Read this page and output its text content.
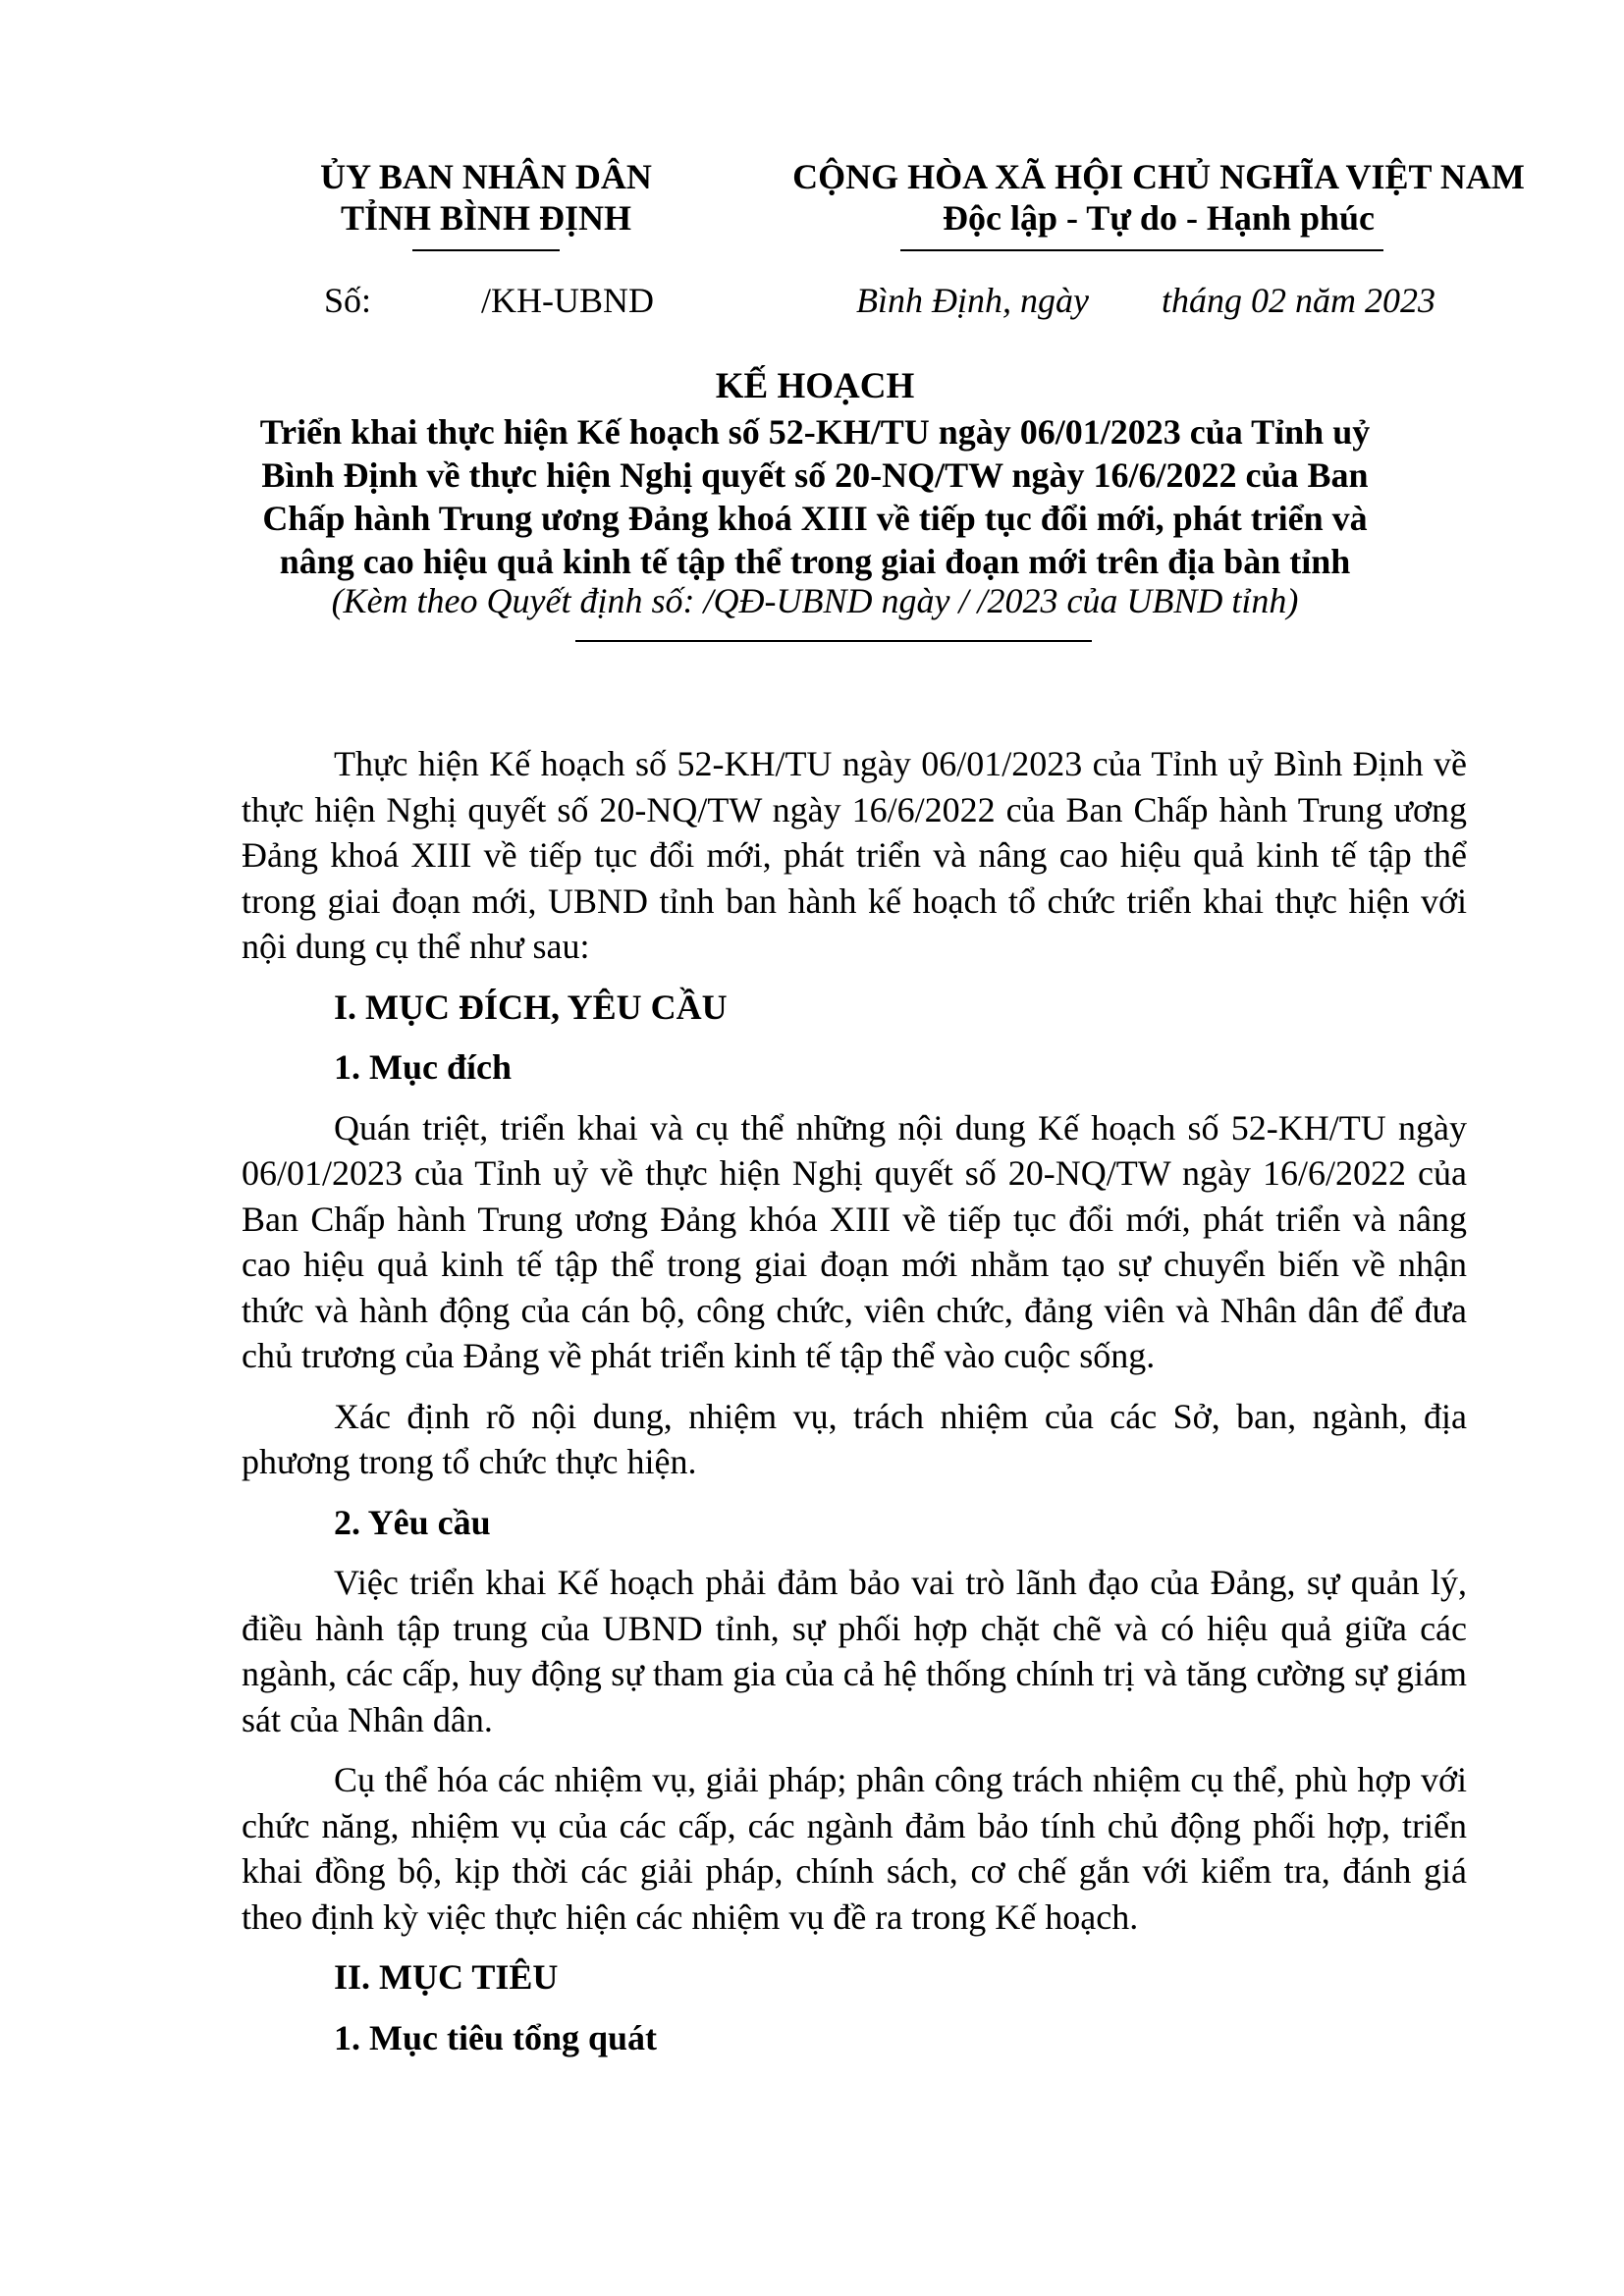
ỦY BAN NHÂN DÂN
TỈNH BÌNH ĐỊNH
CỘNG HÒA XÃ HỘI CHỦ NGHĨA VIỆT NAM
Độc lập - Tự do - Hạnh phúc
Số:	/KH-UBND	Bình Định, ngày tháng 02 năm 2023
KẾ HOẠCH
Triển khai thực hiện Kế hoạch số 52-KH/TU ngày 06/01/2023 của Tỉnh uỷ
Bình Định về thực hiện Nghị quyết số 20-NQ/TW ngày 16/6/2022 của Ban
Chấp hành Trung ương Đảng khoá XIII về tiếp tục đổi mới, phát triển và
nâng cao hiệu quả kinh tế tập thể trong giai đoạn mới trên địa bàn tỉnh
(Kèm theo Quyết định số: /QĐ-UBND ngày / /2023 của UBND tỉnh)

Thực hiện Kế hoạch số 52-KH/TU ngày 06/01/2023 của Tỉnh uỷ Bình Định về thực hiện Nghị quyết số 20-NQ/TW ngày 16/6/2022 của Ban Chấp hành Trung ương Đảng khoá XIII về tiếp tục đổi mới, phát triển và nâng cao hiệu quả kinh tế tập thể trong giai đoạn mới, UBND tỉnh ban hành kế hoạch tổ chức triển khai thực hiện với nội dung cụ thể như sau:

I. MỤC ĐÍCH, YÊU CẦU

1. Mục đích

Quán triệt, triển khai và cụ thể những nội dung Kế hoạch số 52-KH/TU ngày 06/01/2023 của Tỉnh uỷ về thực hiện Nghị quyết số 20-NQ/TW ngày 16/6/2022 của Ban Chấp hành Trung ương Đảng khóa XIII về tiếp tục đổi mới, phát triển và nâng cao hiệu quả kinh tế tập thể trong giai đoạn mới nhằm tạo sự chuyển biến về nhận thức và hành động của cán bộ, công chức, viên chức, đảng viên và Nhân dân để đưa chủ trương của Đảng về phát triển kinh tế tập thể vào cuộc sống.

Xác định rõ nội dung, nhiệm vụ, trách nhiệm của các Sở, ban, ngành, địa phương trong tổ chức thực hiện.

2. Yêu cầu

Việc triển khai Kế hoạch phải đảm bảo vai trò lãnh đạo của Đảng, sự quản lý, điều hành tập trung của UBND tỉnh, sự phối hợp chặt chẽ và có hiệu quả giữa các ngành, các cấp, huy động sự tham gia của cả hệ thống chính trị và tăng cường sự giám sát của Nhân dân.

Cụ thể hóa các nhiệm vụ, giải pháp; phân công trách nhiệm cụ thể, phù hợp với chức năng, nhiệm vụ của các cấp, các ngành đảm bảo tính chủ động phối hợp, triển khai đồng bộ, kịp thời các giải pháp, chính sách, cơ chế gắn với kiểm tra, đánh giá theo định kỳ việc thực hiện các nhiệm vụ đề ra trong Kế hoạch.

II. MỤC TIÊU

1. Mục tiêu tổng quát
